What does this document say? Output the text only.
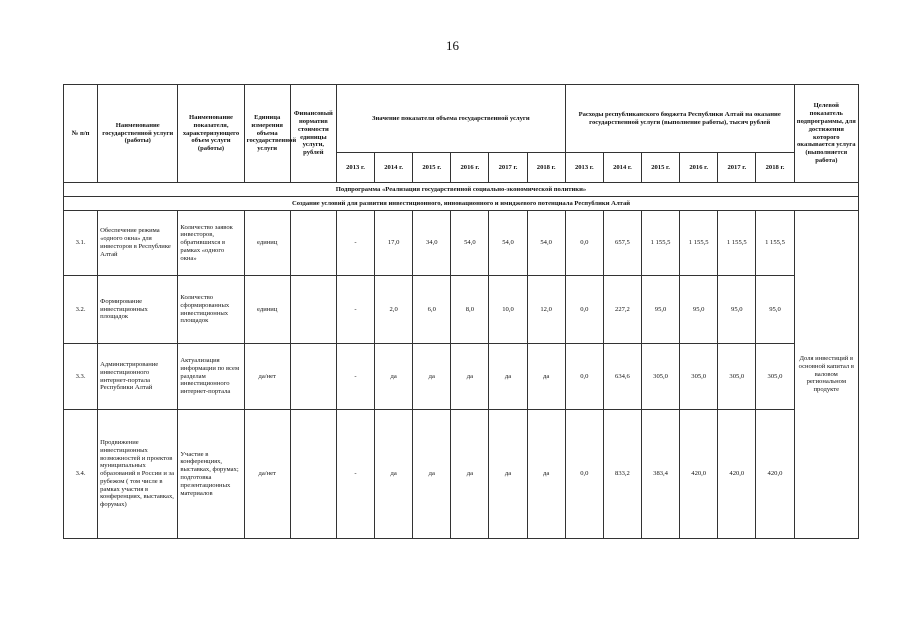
16
№ п/п	Наименование государственной услуги (работы)	Наименование показателя, характеризующего объем услуги (работы)	Единица измерения объема государственной услуги	Финансовый норматив стоимости единицы услуги, рублей	Значение показателя объема государственной услуги						Расходы республиканского бюджета Республики Алтай на оказание государственной услуги (выполнение работы), тысяч рублей						Целевой показатель подпрограммы, для достижения которого оказывается услуга (выполняется работа)
					2013 г.	2014 г.	2015 г.	2016 г.	2017 г.	2018 г.	2013 г.	2014 г.	2015 г.	2016 г.	2017 г.	2018 г.	
Подпрограмма «Реализация государственной социально-экономической политики»																	
Создание условий для развития инвестиционного, инновационного и имиджевого потенциала Республики Алтай																	
3.1.	Обеспечение режима «одного окна» для инвесторов в Республике Алтай	Количество заявок инвесторов, обратившихся в рамках «одного окна»	единиц		-	17,0	34,0	54,0	54,0	54,0	0,0	657,5	1 155,5	1 155,5	1 155,5	1 155,5	Доля инвестиций в основной капитал в валовом региональном продукте
3.2.	Формирование инвестиционных площадок	Количество сформированных инвестиционных площадок	единиц		-	2,0	6,0	8,0	10,0	12,0	0,0	227,2	95,0	95,0	95,0	95,0	
3.3.	Администрирование инвестиционного интернет-портала Республики Алтай	Актуализация информации по всем разделам инвестиционного интернет-портала	да/нет		-	да	да	да	да	да	0,0	634,6	305,0	305,0	305,0	305,0	
3.4.	Продвижение инвестиционных возможностей и проектов муниципальных образований в России и за рубежом ( том числе в рамках участия в конференциях, выставках, форумах)	Участие в конференциях, выставках, форумах; подготовка презентационных материалов	да/нет		-	да	да	да	да	да	0,0	833,2	383,4	420,0	420,0	420,0	
